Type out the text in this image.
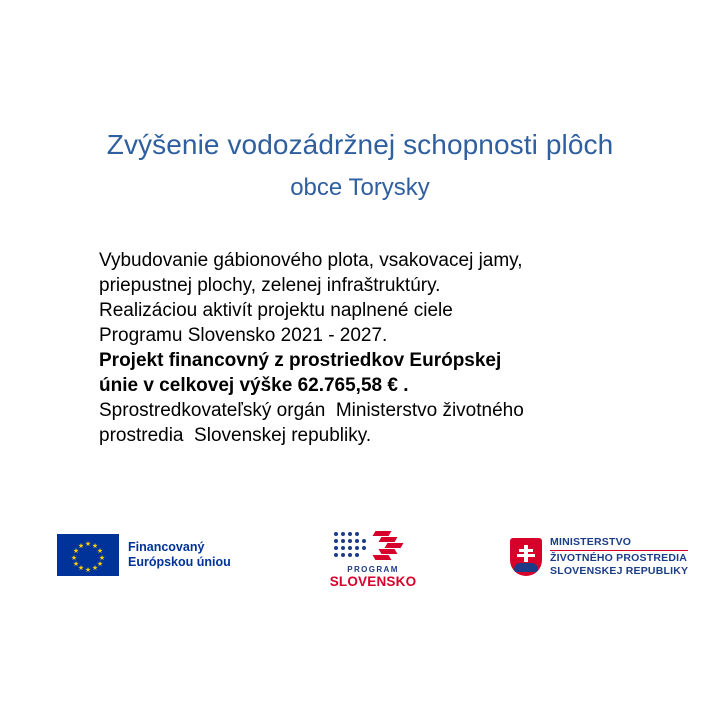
Zvýšenie vodozádržnej schopnosti plôch
obce Torysky
Vybudovanie gábionového plota, vsakovacej jamy,
priepustnej plochy, zelenej infraštruktúry.
Realizáciou aktivít projektu naplnené ciele
Programu Slovensko 2021 - 2027.
Projekt financovný z prostriedkov Európskej
únie v celkovej výške 62.765,58 € .
Sprostredkovateľský orgán  Ministerstvo životného
prostredia  Slovenskej republiky.
★ ★
★
★
★
★
★
★
★
★
★
★	Financovaný
Európskou úniou
PROGRAM
SLOVENSKO
MINISTERSTVO
ŽIVOTNÉHO PROSTREDIA
SLOVENSKEJ REPUBLIKY
